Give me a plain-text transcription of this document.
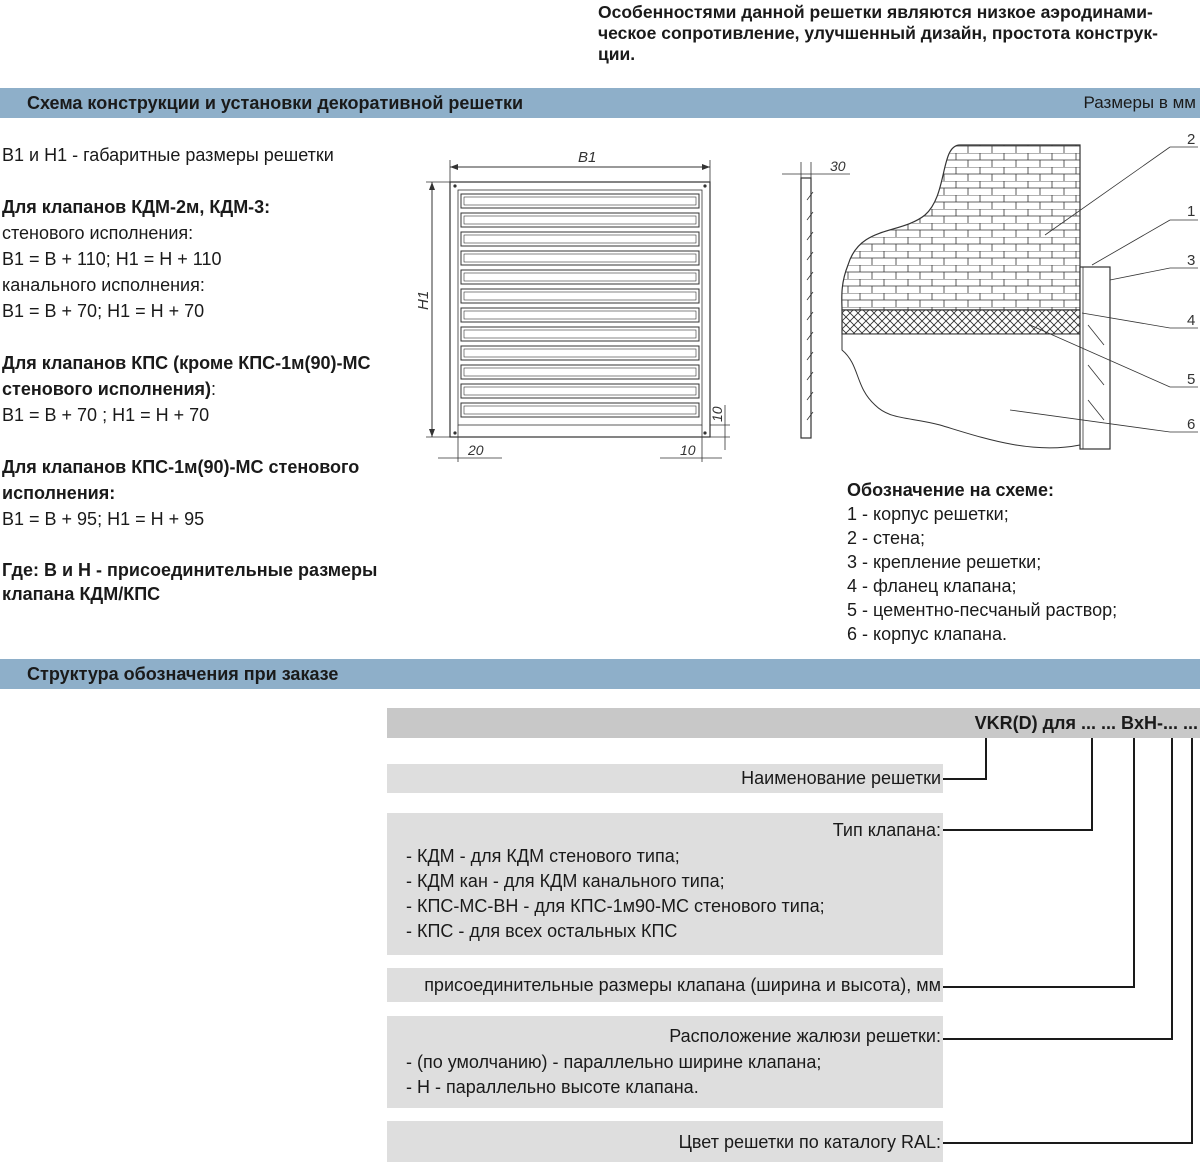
Особенностями данной решетки являются низкое аэродинами-
ческое сопротивление, улучшенный дизайн, простота конструк-
ции.
Схема конструкции и установки декоративной решетки	Размеры в мм

B1 и H1 - габаритные размеры решетки

Для клапанов КДМ-2м, КДМ-3:
стенового исполнения:
B1 = B + 110; H1 = H + 110
канального исполнения:
B1 = B + 70; H1 = H + 70

Для клапанов КПС (кроме КПС-1м(90)-МС
стенового исполнения):
B1 = B + 70 ; H1 = H + 70

Для клапанов КПС-1м(90)-МС стенового
исполнения:
B1 = B + 95; H1 = H + 95

Где: B и H - присоединительные размеры
клапана КДМ/КПС

B1
H1
20	10
10
30
2
1
3
4
5
6
Обозначение на схеме:
1 - корпус решетки;
2 - стена;
3 - крепление решетки;
4 - фланец клапана;
5 - цементно-песчаный раствор;
6 - корпус клапана.
Структура обозначения при заказе
VKR(D) для ... ... BxH-... ...
Наименование решетки
Тип клапана:
- КДМ - для КДМ стенового типа;
- КДМ кан - для КДМ канального типа;
- КПС-МС-ВН - для КПС-1м90-МС стенового типа;
- КПС - для всех остальных КПС
присоединительные размеры клапана (ширина и высота), мм
Расположение жалюзи решетки:
- (по умолчанию) - параллельно ширине клапана;
- Н - параллельно высоте клапана.
Цвет решетки по каталогу RAL:
